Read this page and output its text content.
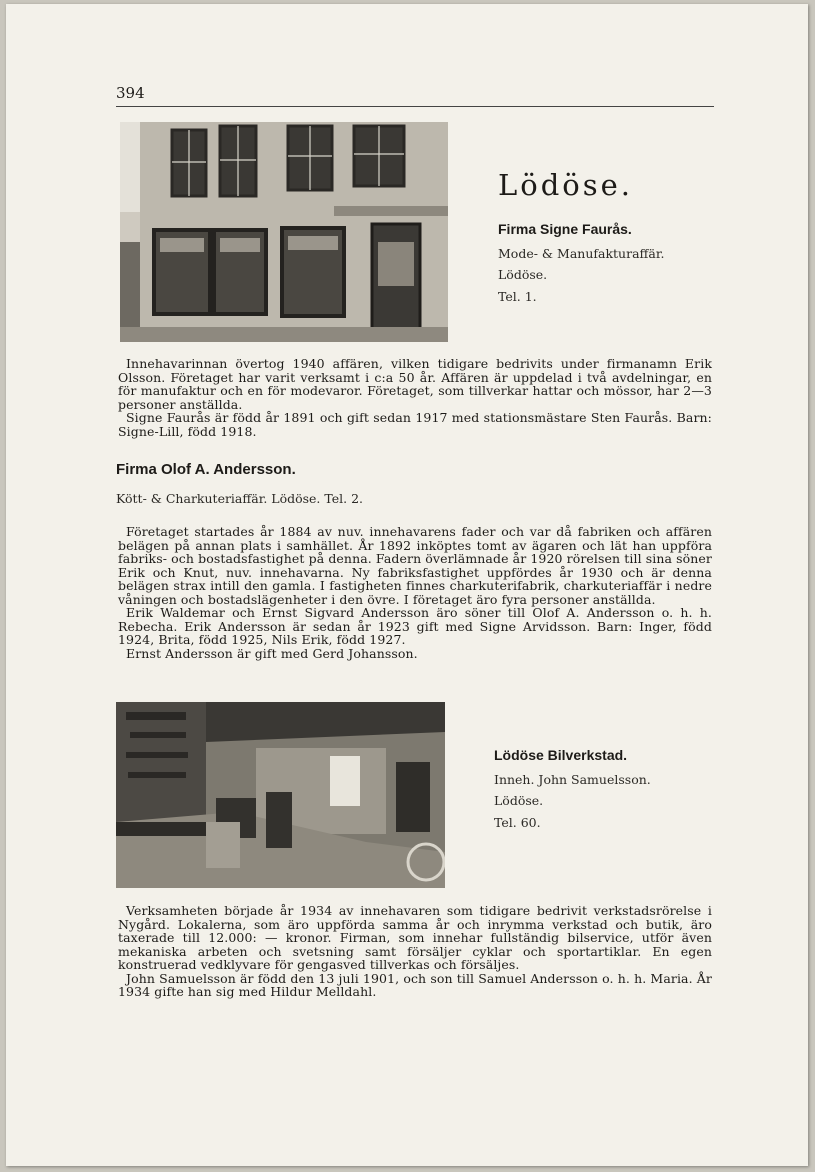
394
Lödöse.
Firma Signe Faurås.
Mode- & Manufakturaffär.
Lödöse.
Tel. 1.

Innehavarinnan övertog 1940 affären, vilken tidigare bedrivits under firmanamn Erik Olsson. Företaget har varit verksamt i c:a 50 år. Affären är uppdelad i två avdelningar, en för manufaktur och en för modevaror. Företaget, som tillverkar hattar och mössor, har 2—3 personer anställda.

Signe Faurås är född år 1891 och gift sedan 1917 med stationsmästare Sten Faurås. Barn: Signe-Lill, född 1918.

Firma Olof A. Andersson.
Kött- & Charkuteriaffär. Lödöse. Tel. 2.

Företaget startades år 1884 av nuv. innehavarens fader och var då fabriken och affären belägen på annan plats i samhället. År 1892 inköptes tomt av ägaren och lät han uppföra fabriks- och bostadsfastighet på denna. Fadern överlämnade år 1920 rörelsen till sina söner Erik och Knut, nuv. innehavarna. Ny fabriksfastighet uppfördes år 1930 och är denna belägen strax intill den gamla. I fastigheten finnes charkuterifabrik, charkuteriaffär i nedre våningen och bostadslägenheter i den övre. I företaget äro fyra personer anställda.

Erik Waldemar och Ernst Sigvard Andersson äro söner till Olof A. Andersson o. h. h. Rebecha. Erik Andersson är sedan år 1923 gift med Signe Arvidsson. Barn: Inger, född 1924, Brita, född 1925, Nils Erik, född 1927.

Ernst Andersson är gift med Gerd Johansson.

Lödöse Bilverkstad.
Inneh. John Samuelsson.
Lödöse.
Tel. 60.

Verksamheten började år 1934 av innehavaren som tidigare bedrivit verkstadsrörelse i Nygård. Lokalerna, som äro uppförda samma år och inrymma verkstad och butik, äro taxerade till 12.000: — kronor. Firman, som innehar fullständig bilservice, utför även mekaniska arbeten och svetsning samt försäljer cyklar och sportartiklar. En egen konstruerad vedklyvare för gengasved tillverkas och försäljes.

John Samuelsson är född den 13 juli 1901, och son till Samuel Andersson o. h. h. Maria. År 1934 gifte han sig med Hildur Melldahl.
